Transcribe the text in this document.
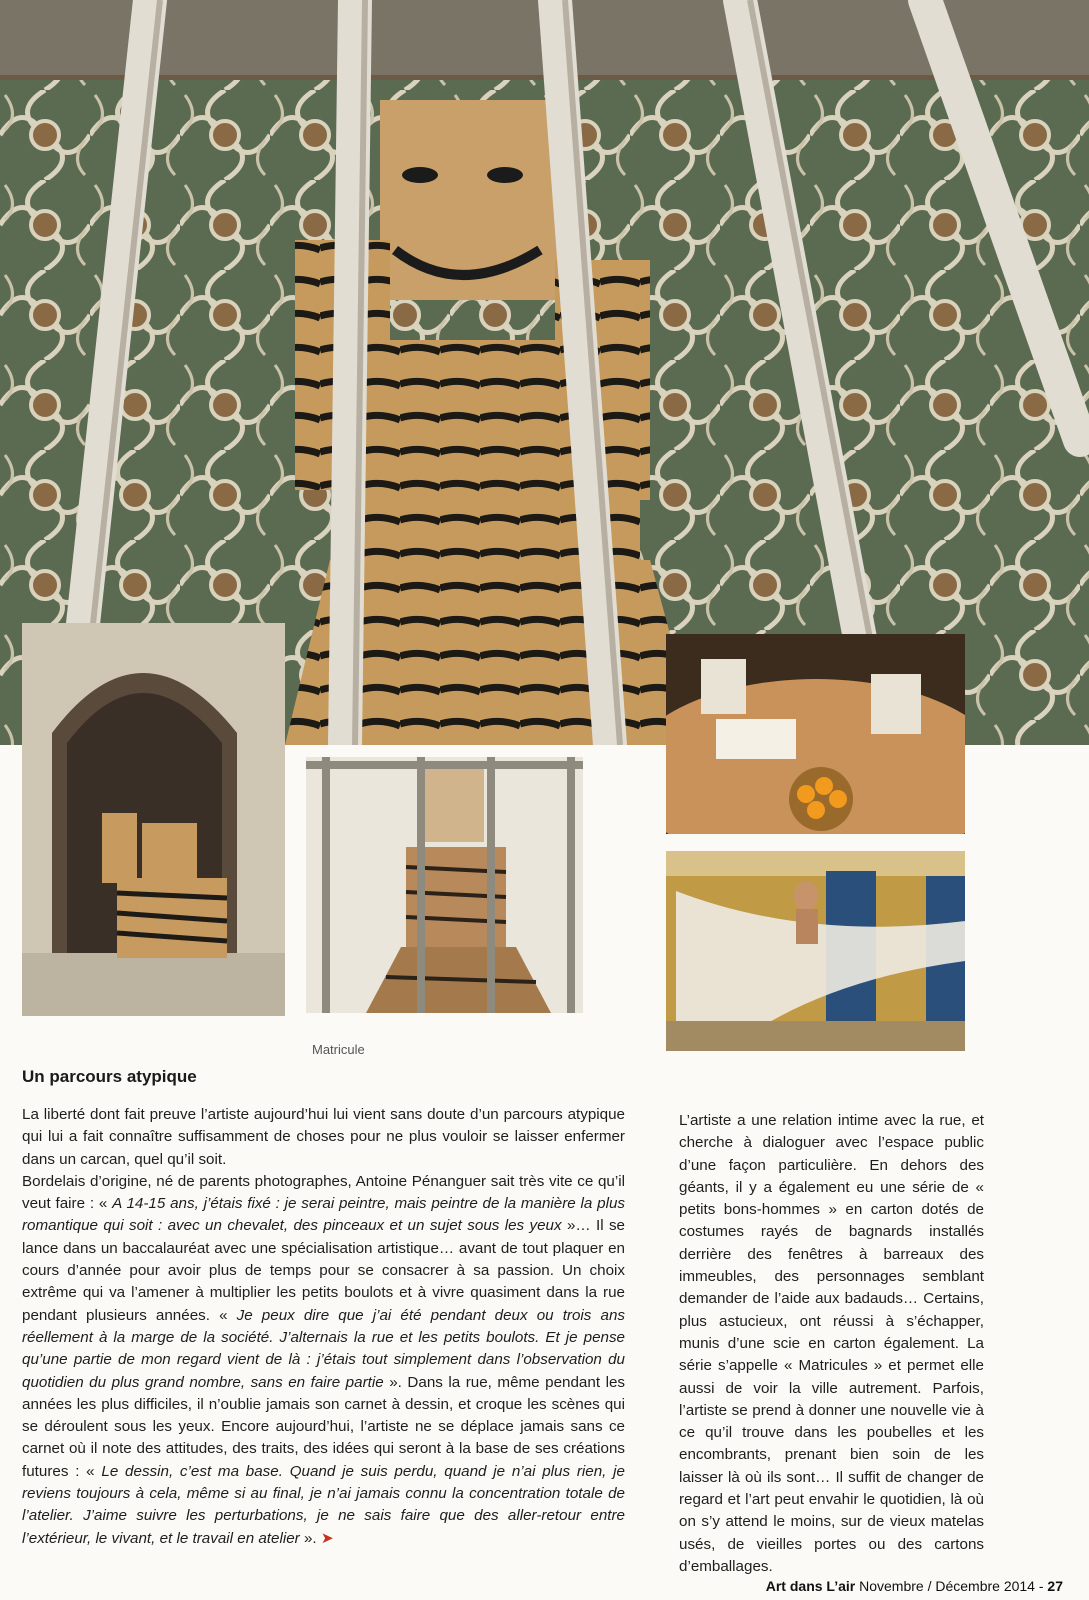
Matricule
Un parcours atypique

La liberté dont fait preuve l’artiste aujourd’hui lui vient sans doute d’un parcours atypique qui lui a fait connaître suffisamment de choses pour ne plus vouloir se laisser enfermer dans un carcan, quel qu’il soit.

Bordelais d’origine, né de parents photographes, Antoine Pénanguer sait très vite ce qu’il veut faire : « A 14-15 ans, j’étais fixé : je serai peintre, mais peintre de la manière la plus romantique qui soit : avec un chevalet, des pinceaux et un sujet sous les yeux »… Il se lance dans un baccalauréat avec une spécialisation artistique… avant de tout plaquer en cours d’année pour avoir plus de temps pour se consacrer à sa passion. Un choix extrême qui va l’amener à multiplier les petits boulots et à vivre quasiment dans la rue pendant plusieurs années. « Je peux dire que j’ai été pendant deux ou trois ans réellement à la marge de la société. J’alternais la rue et les petits boulots. Et je pense qu’une partie de mon regard vient de là : j’étais tout simplement dans l’observation du quotidien du plus grand nombre, sans en faire partie ». Dans la rue, même pendant les années les plus difficiles, il n’oublie jamais son carnet à dessin, et croque les scènes qui se déroulent sous les yeux. Encore aujourd’hui, l’artiste ne se déplace jamais sans ce carnet où il note des attitudes, des traits, des idées qui seront à la base de ses créations futures : « Le dessin, c’est ma base. Quand je suis perdu, quand je n’ai plus rien, je reviens toujours à cela, même si au final, je n’ai jamais connu la concentration totale de l’atelier. J’aime suivre les perturbations, je ne sais faire que des aller-retour entre l’extérieur, le vivant, et le travail en atelier ». ➤

L’artiste a une relation intime avec la rue, et cherche à dialoguer avec l’espace public d’une façon particulière. En dehors des géants, il y a également eu une série de « petits bons-hommes » en carton dotés de costumes rayés de bagnards installés derrière des fenêtres à barreaux des immeubles, des personnages semblant demander de l’aide aux badauds… Certains, plus astucieux, ont réussi à s’échapper, munis d’une scie en carton également. La série s’appelle « Matricules » et permet elle aussi de voir la ville autrement. Parfois, l’artiste se prend à donner une nouvelle vie à ce qu’il trouve dans les poubelles et les encombrants, prenant bien soin de les laisser là où ils sont… Il suffit de changer de regard et l’art peut envahir le quotidien, là où on s’y attend le moins, sur de vieux matelas usés, de vieilles portes ou des cartons d’emballages.

Art dans L’air Novembre / Décembre 2014 - 27
